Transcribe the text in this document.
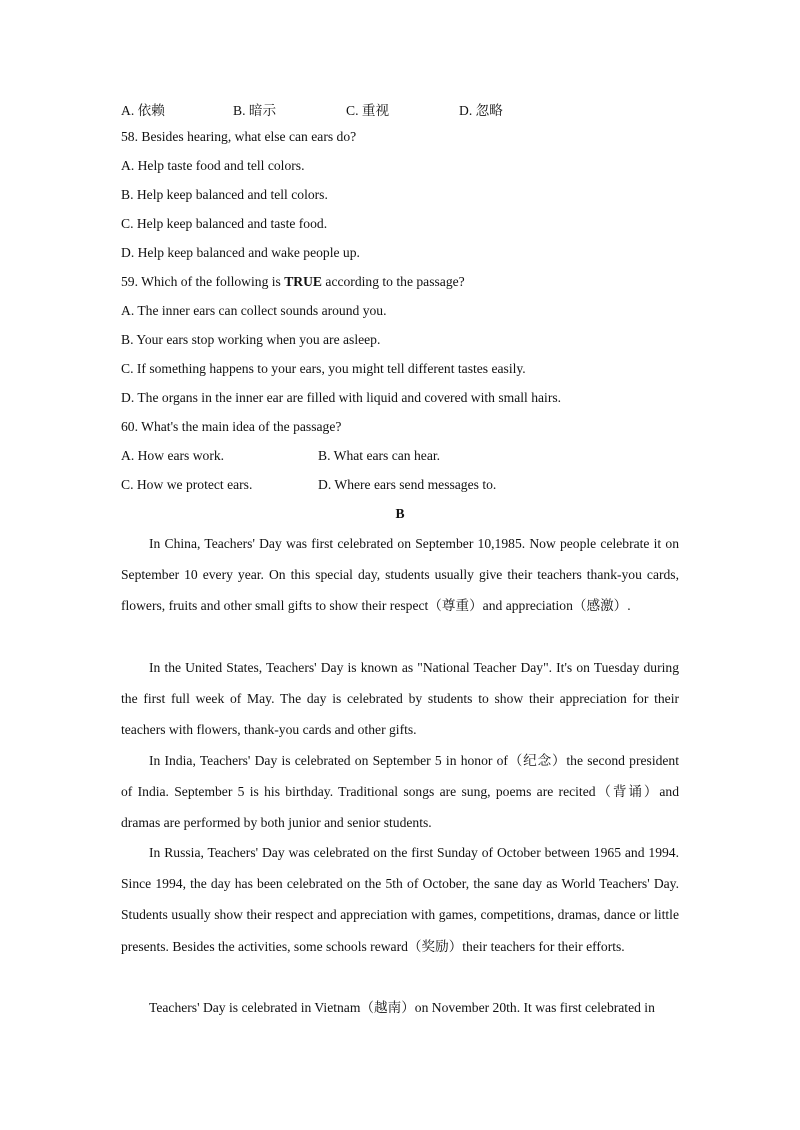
A. 依赖	B. 暗示	C. 重视	D. 忽略
58. Besides hearing, what else can ears do?
A. Help taste food and tell colors.
B. Help keep balanced and tell colors.
C. Help keep balanced and taste food.
D. Help keep balanced and wake people up.
59. Which of the following is TRUE according to the passage?
A. The inner ears can collect sounds around you.
B. Your ears stop working when you are asleep.
C. If something happens to your ears, you might tell different tastes easily.
D. The organs in the inner ear are filled with liquid and covered with small hairs.
60. What's the main idea of the passage?
A. How ears work.	B. What ears can hear.
C. How we protect ears.	D. Where ears send messages to.
B
In China, Teachers' Day was first celebrated on September 10,1985. Now people celebrate it on September 10 every year. On this special day, students usually give their teachers thank-you cards, flowers, fruits and other small gifts to show their respect（尊重）and appreciation（感激）.
In the United States, Teachers' Day is known as "National Teacher Day". It's on Tuesday during the first full week of May. The day is celebrated by students to show their appreciation for their teachers with flowers, thank-you cards and other gifts.
In India, Teachers' Day is celebrated on September 5 in honor of（纪念）the second president of India. September 5 is his birthday. Traditional songs are sung, poems are recited（背诵）and dramas are performed by both junior and senior students.
In Russia, Teachers' Day was celebrated on the first Sunday of October between 1965 and 1994. Since 1994, the day has been celebrated on the 5th of October, the sane day as World Teachers' Day. Students usually show their respect and appreciation with games, competitions, dramas, dance or little presents. Besides the activities, some schools reward（奖励）their teachers for their efforts.
Teachers' Day is celebrated in Vietnam（越南）on November 20th. It was first celebrated in
